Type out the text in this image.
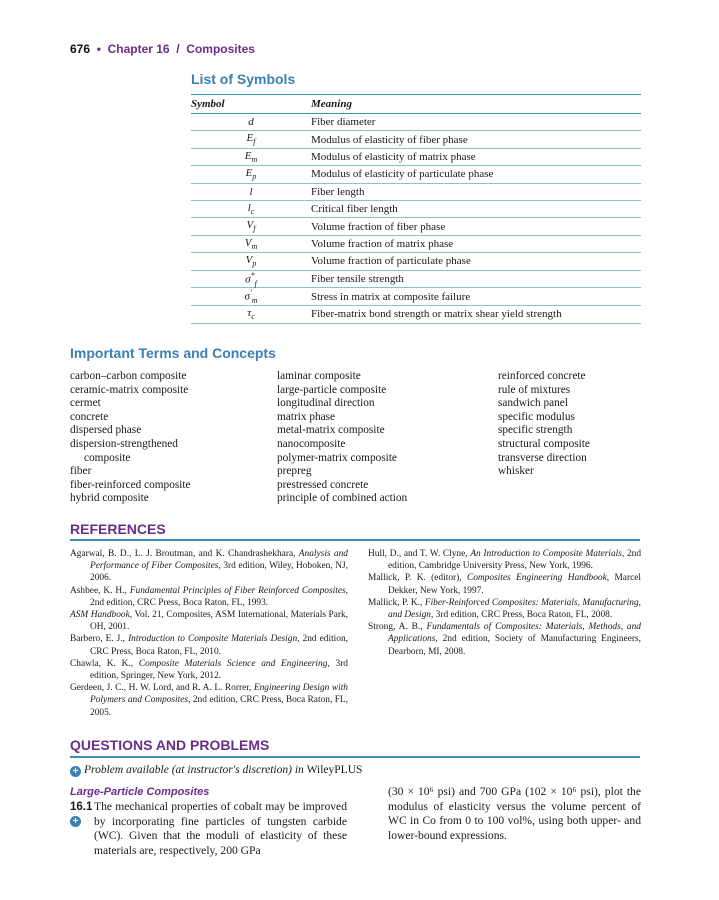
676 • Chapter 16 / Composites
List of Symbols
Symbol	Meaning
d	Fiber diameter
$E_f$	Modulus of elasticity of fiber phase
$E_m$	Modulus of elasticity of matrix phase
$E_p$	Modulus of elasticity of particulate phase
l	Fiber length
$l_c$	Critical fiber length
$V_f$	Volume fraction of fiber phase
$V_m$	Volume fraction of matrix phase
$V_p$	Volume fraction of particulate phase
$\sigma^*_f$	Fiber tensile strength
$\sigma'_m$	Stress in matrix at composite failure
$\tau_c$	Fiber-matrix bond strength or matrix shear yield strength
Important Terms and Concepts
carbon–carbon composite
ceramic-matrix composite
cermet
concrete
dispersed phase
dispersion-strengthened
composite
fiber
fiber-reinforced composite
hybrid composite
laminar composite
large-particle composite
longitudinal direction
matrix phase
metal-matrix composite
nanocomposite
polymer-matrix composite
prepreg
prestressed concrete
principle of combined action
reinforced concrete
rule of mixtures
sandwich panel
specific modulus
specific strength
structural composite
transverse direction
whisker
REFERENCES
Agarwal, B. D., L. J. Broutman, and K. Chandrashekhara, Analysis and Performance of Fiber Composites, 3rd edition, Wiley, Hoboken, NJ, 2006.
Ashbee, K. H., Fundamental Principles of Fiber Reinforced Composites, 2nd edition, CRC Press, Boca Raton, FL, 1993.
ASM Handbook, Vol. 21, Composites, ASM International, Materials Park, OH, 2001.
Barbero, E. J., Introduction to Composite Materials Design, 2nd edition, CRC Press, Boca Raton, FL, 2010.
Chawla, K. K., Composite Materials Science and Engineering, 3rd edition, Springer, New York, 2012.
Gerdeen, J. C., H. W. Lord, and R. A. L. Rorrer, Engineering Design with Polymers and Composites, 2nd edition, CRC Press, Boca Raton, FL, 2005.
Hull, D., and T. W. Clyne, An Introduction to Composite Materials, 2nd edition, Cambridge University Press, New York, 1996.
Mallick, P. K. (editor), Composites Engineering Handbook, Marcel Dekker, New York, 1997.
Mallick, P. K., Fiber-Reinforced Composites: Materials, Manufacturing, and Design, 3rd edition, CRC Press, Boca Raton, FL, 2008.
Strong, A. B., Fundamentals of Composites: Materials, Methods, and Applications, 2nd edition, Society of Manufacturing Engineers, Dearborn, MI, 2008.
QUESTIONS AND PROBLEMS
+ Problem available (at instructor's discretion) in WileyPLUS
Large-Particle Composites
16.1
+
The mechanical properties of cobalt may be improved by incorporating fine particles of tungsten carbide (WC). Given that the moduli of elasticity of these materials are, respectively, 200 GPa
(30 × 10⁶ psi) and 700 GPa (102 × 10⁶ psi), plot the modulus of elasticity versus the volume percent of WC in Co from 0 to 100 vol%, using both upper- and lower-bound expressions.
